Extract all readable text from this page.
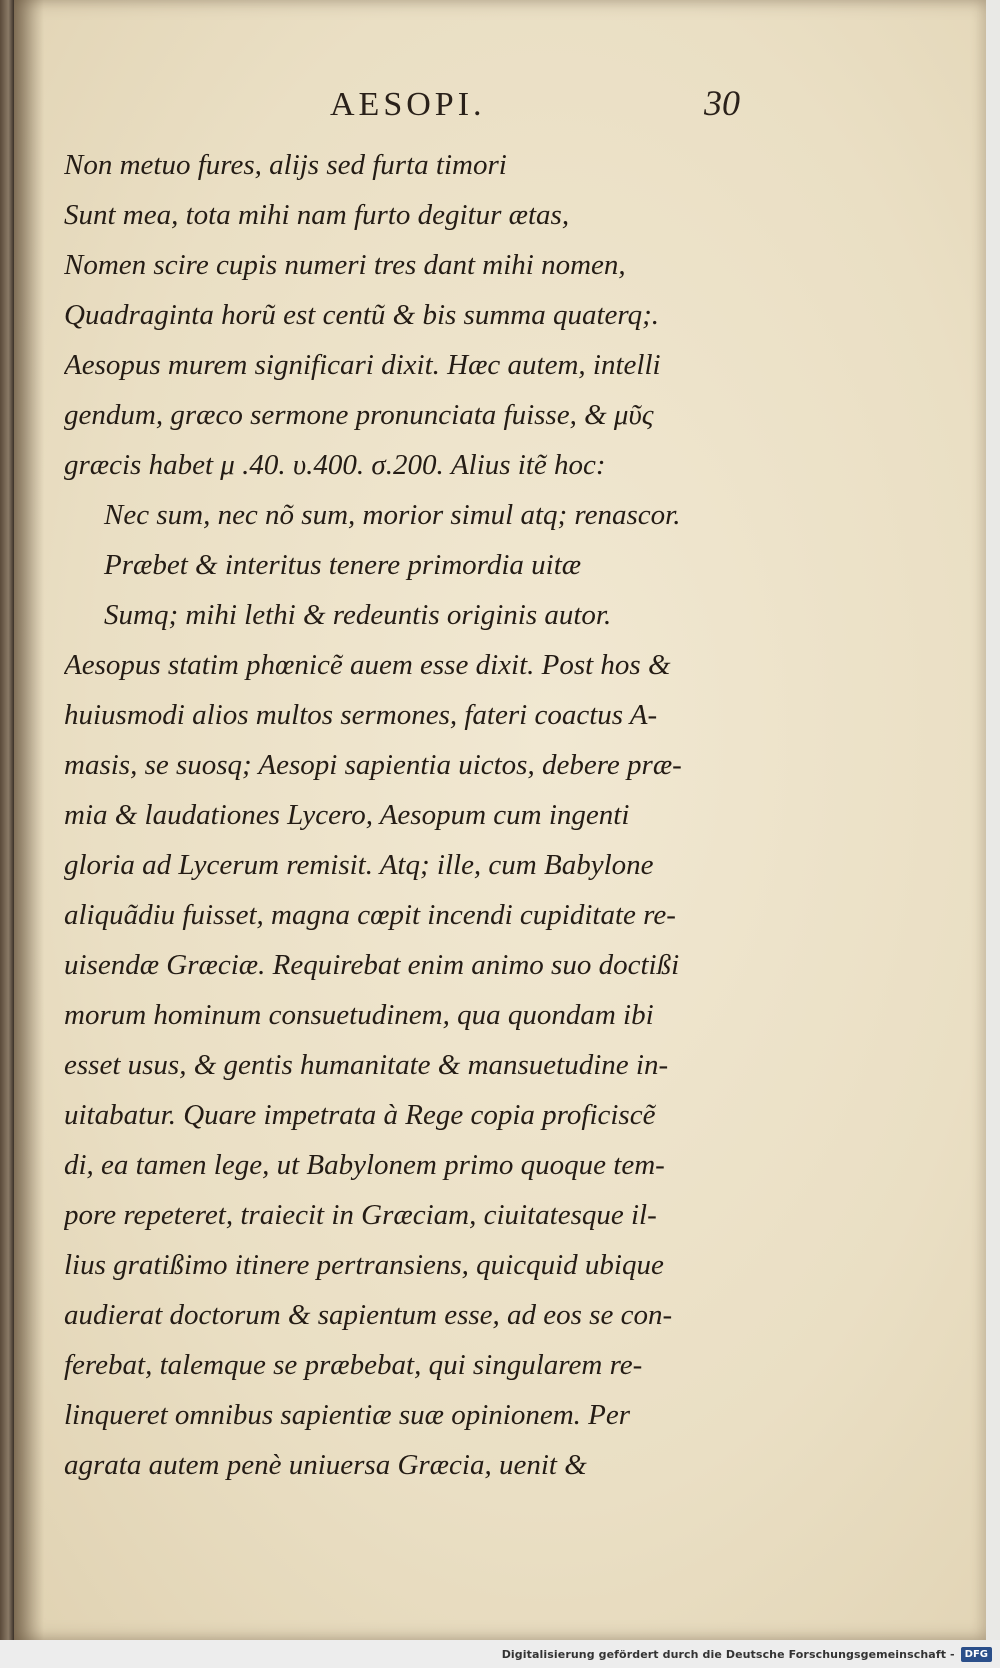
AESOPI.	30
Non metuo fures, alijs sed furta timori
Sunt mea, tota mihi nam furto degitur ætas,
Nomen scire cupis numeri tres dant mihi nomen,
Quadraginta horũ est centũ & bis summa quaterq;.
Aesopus murem significari dixit. Hæc autem, intelli
gendum, græco sermone pronunciata fuisse, & μῦς
græcis habet μ .40. υ.400. σ.200. Alius itẽ hoc:
Nec sum, nec nõ sum, morior simul atq; renascor.
Præbet & interitus tenere primordia uitæ
Sumq; mihi lethi & redeuntis originis autor.
Aesopus statim phœnicẽ auem esse dixit. Post hos &
huiusmodi alios multos sermones, fateri coactus A-
masis, se suosq; Aesopi sapientia uictos, debere præ-
mia & laudationes Lycero, Aesopum cum ingenti
gloria ad Lycerum remisit. Atq; ille, cum Babylone
aliquãdiu fuisset, magna cœpit incendi cupiditate re-
uisendæ Græciæ. Requirebat enim animo suo doctißi
morum hominum consuetudinem, qua quondam ibi
esset usus, & gentis humanitate & mansuetudine in-
uitabatur. Quare impetrata à Rege copia proficiscẽ
di, ea tamen lege, ut Babylonem primo quoque tem-
pore repeteret, traiecit in Græciam, ciuitatesque il-
lius gratißimo itinere pertransiens, quicquid ubique
audierat doctorum & sapientum esse, ad eos se con-
ferebat, talemque se præbebat, qui singularem re-
linqueret omnibus sapientiæ suæ opinionem. Per
agrata autem penè uniuersa Græcia, uenit &
Digitalisierung gefördert durch die Deutsche Forschungsgemeinschaft -	DFG
